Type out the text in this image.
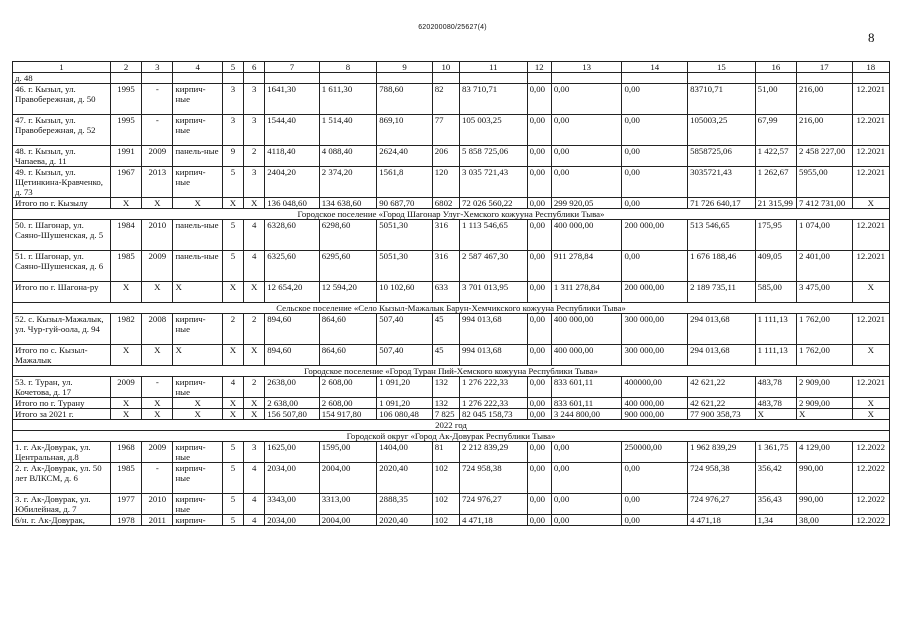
620200080/25627(4)
8
1	2	3	4	5	6	7	8	9	10	11	12	13	14	15	16	17	18
д. 48																	
46. г. Кызыл, ул. Правобережная, д. 50	1995	-	кирпич-ные	3	3	1641,30	1 611,30	788,60	82	83 710,71	0,00	0,00	0,00	83710,71	51,00	216,00	12.2021
47. г. Кызыл, ул. Правобережная, д. 52	1995	-	кирпич-ные	3	3	1544,40	1 514,40	869,10	77	105 003,25	0,00	0,00	0,00	105003,25	67,99	216,00	12.2021
48. г. Кызыл, ул. Чапаева, д. 11	1991	2009	панель-ные	9	2	4118,40	4 088,40	2624,40	206	5 858 725,06	0,00	0,00	0,00	5858725,06	1 422,57	2 458 227,00	12.2021
49. г. Кызыл, ул. Щетинкина-Кравченко, д. 73	1967	2013	кирпич-ные	5	3	2404,20	2 374,20	1561,8	120	3 035 721,43	0,00	0,00	0,00	3035721,43	1 262,67	5955,00	12.2021
Итого по г. Кызылу	X	X	X	X	X	136 048,60	134 638,60	90 687,70	6802	72 026 560,22	0,00	299 920,05	0,00	71 726 640,17	21 315,99	7 412 731,00	X
Городское поселение «Город Шагонар Улуг-Хемского кожууна Республики Тыва»																	
50. г. Шагонар, ул. Саяно-Шушенская, д. 5	1984	2010	панель-ные	5	4	6328,60	6298,60	5051,30	316	1 113 546,65	0,00	400 000,00	200 000,00	513 546,65	175,95	1 074,00	12.2021
51. г. Шагонар, ул. Саяно-Шушенская, д. 6	1985	2009	панель-ные	5	4	6325,60	6295,60	5051,30	316	2 587 467,30	0,00	911 278,84	0,00	1 676 188,46	409,05	2 401,00	12.2021
Итого по г. Шагона-ру	X	X	X	X	X	12 654,20	12 594,20	10 102,60	633	3 701 013,95	0,00	1 311 278,84	200 000,00	2 189 735,11	585,00	3 475,00	X
Сельское поселение «Село Кызыл-Мажалык Барун-Хемчикского кожууна Республики Тыва»																	
52. с. Кызыл-Мажалык, ул. Чур-гуй-оола, д. 94	1982	2008	кирпич-ные	2	2	894,60	864,60	507,40	45	994 013,68	0,00	400 000,00	300 000,00	294 013,68	1 111,13	1 762,00	12.2021
Итого по с. Кызыл-Мажалык	X	X	X	X	X	894,60	864,60	507,40	45	994 013,68	0,00	400 000,00	300 000,00	294 013,68	1 111,13	1 762,00	X
Городское поселение «Город Туран Пий-Хемского кожууна Республики Тыва»																	
53. г. Туран, ул. Кочетова, д. 17	2009	-	кирпич-ные	4	2	2638,00	2 608,00	1 091,20	132	1 276 222,33	0,00	833 601,11	400000,00	42 621,22	483,78	2 909,00	12.2021
Итого по г. Турану	X	X	X	X	X	2 638,00	2 608,00	1 091,20	132	1 276 222,33	0,00	833 601,11	400 000,00	42 621,22	483,78	2 909,00	X
Итого за 2021 г.	X	X	X	X	X	156 507,80	154 917,80	106 080,48	7 825	82 045 158,73	0,00	3 244 800,00	900 000,00	77 900 358,73	X	X	X
2022 год																	
Городской округ «Город Ак-Довурак Республики Тыва»																	
1. г. Ак-Довурак, ул. Центральная, д.8	1968	2009	кирпич-ные	5	3	1625,00	1595,00	1404,00	81	2 212 839,29	0,00	0,00	250000,00	1 962 839,29	1 361,75	4 129,00	12.2022
2. г. Ак-Довурак, ул. 50 лет ВЛКСМ, д. 6	1985	-	кирпич-ные	5	4	2034,00	2004,00	2020,40	102	724 958,38	0,00	0,00	0,00	724 958,38	356,42	990,00	12.2022
3. г. Ак-Довурак, ул. Юбилейная, д. 7	1977	2010	кирпич-ные	5	4	3343,00	3313,00	2888,35	102	724 976,27	0,00	0,00	0,00	724 976,27	356,43	990,00	12.2022
6/н. г. Ак-Довурак,	1978	2011	кирпич-	5	4	2034,00	2004,00	2020,40	102	4 471,18	0,00	0,00	0,00	4 471,18	1,34	38,00	12.2022
